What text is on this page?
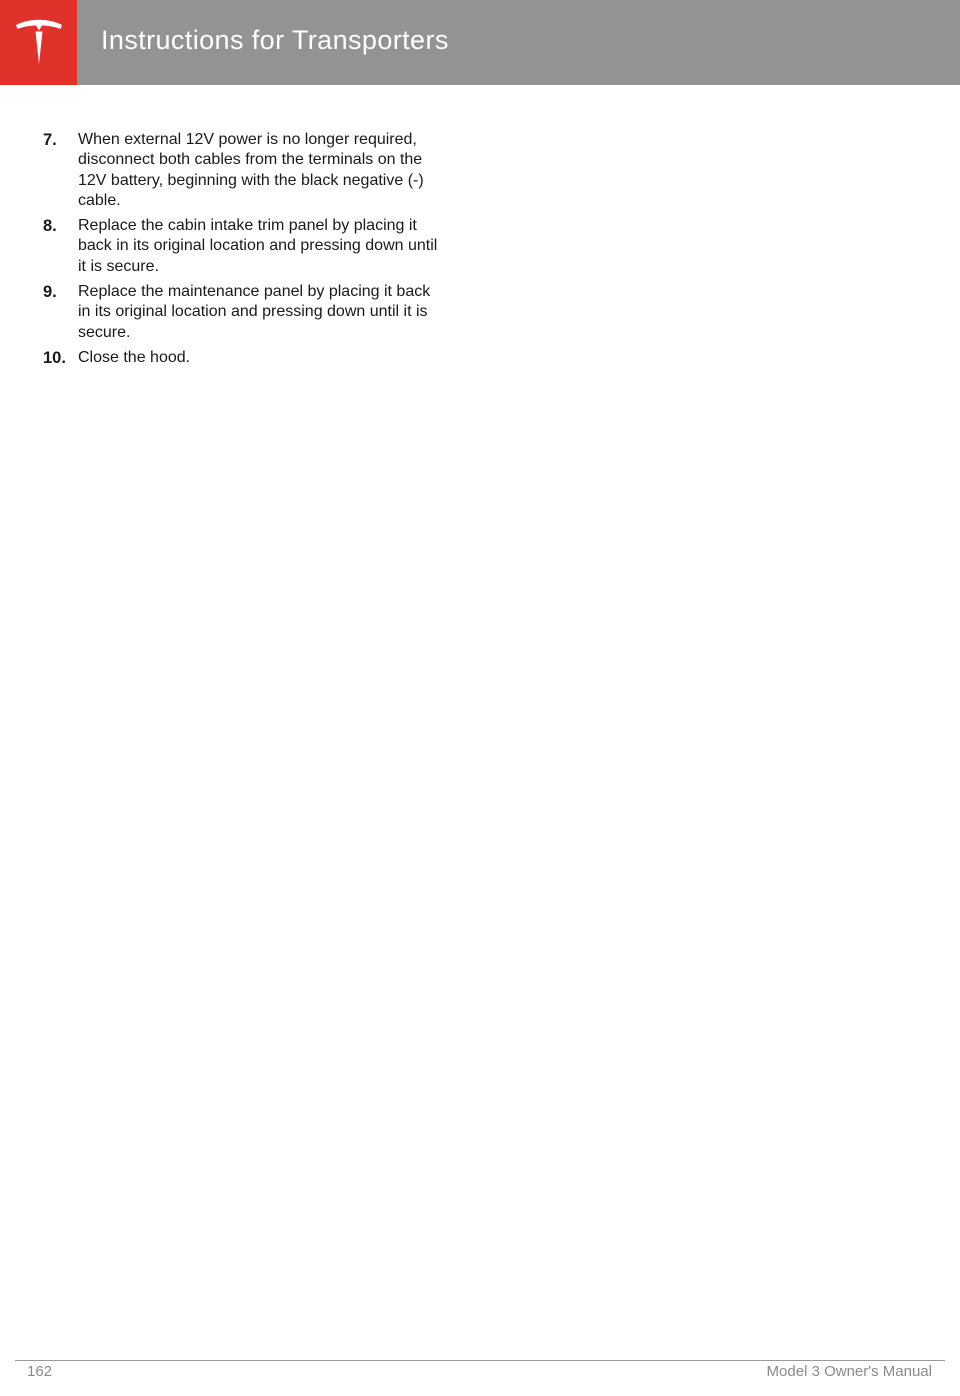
Instructions for Transporters
7. When external 12V power is no longer required, disconnect both cables from the terminals on the 12V battery, beginning with the black negative (-) cable.
8. Replace the cabin intake trim panel by placing it back in its original location and pressing down until it is secure.
9. Replace the maintenance panel by placing it back in its original location and pressing down until it is secure.
10. Close the hood.
162	Model 3 Owner's Manual
